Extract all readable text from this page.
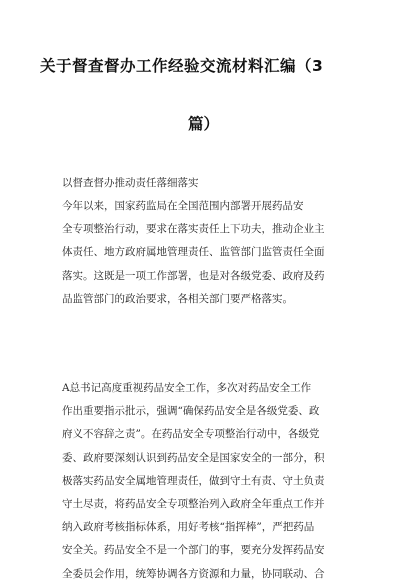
关于督查督办工作经验交流材料汇编（3
篇）
以督查督办推动责任落细落实
今年以来，国家药监局在全国范围内部署开展药品安
全专项整治行动，要求在落实责任上下功夫，推动企业主
体责任、地方政府属地管理责任、监管部门监管责任全面
落实。这既是一项工作部署，也是对各级党委、政府及药
品监管部门的政治要求，各相关部门要严格落实。
A总书记高度重视药品安全工作，多次对药品安全工作
作出重要指示批示，强调“确保药品安全是各级党委、政
府义不容辞之责”。在药品安全专项整治行动中，各级党
委、政府要深刻认识到药品安全是国家安全的一部分，积
极落实药品安全属地管理责任，做到守土有责、守土负责
守土尽责，将药品安全专项整治列入政府全年重点工作并
纳入政府考核指标体系，用好考核“指挥棒”，严把药品
安全关。药品安全不是一个部门的事，要充分发挥药品安
全委员会作用，统筹协调各方资源和力量，协同联动、合
